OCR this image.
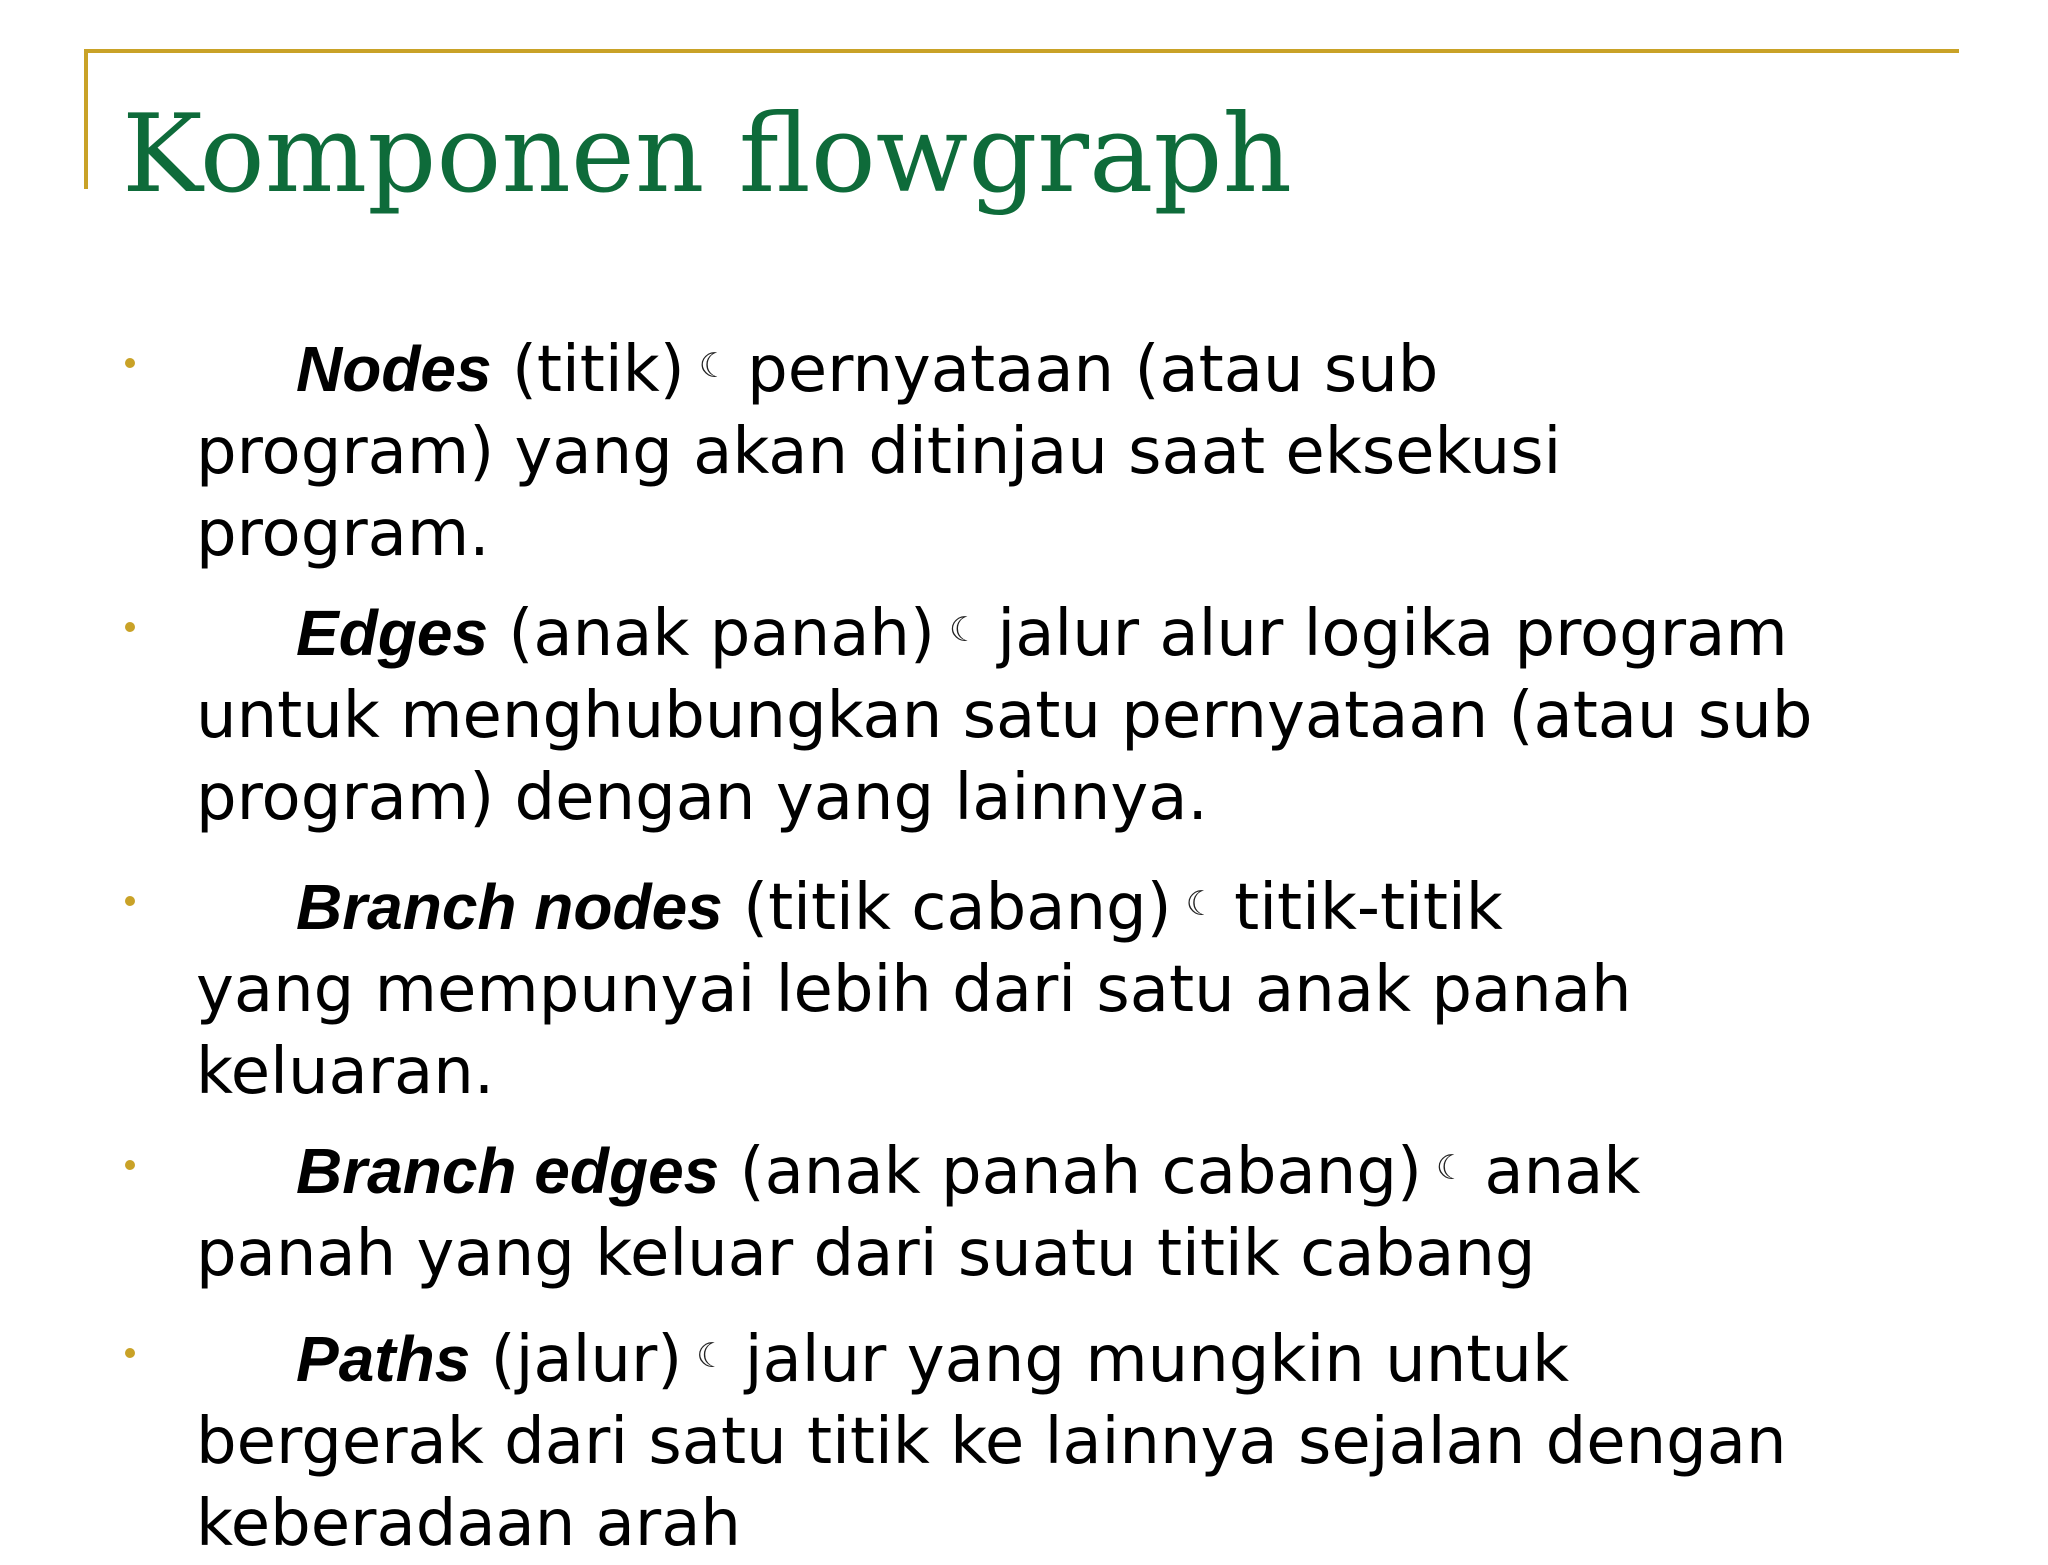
Komponen flowgraph

Nodes (titik) ☾ pernyataan (atau sub
program) yang akan ditinjau saat eksekusi
program.

Edges (anak panah) ☾ jalur alur logika program
untuk menghubungkan satu pernyataan (atau sub
program) dengan yang lainnya.

Branch nodes (titik cabang) ☾ titik-titik
yang mempunyai lebih dari satu anak panah
keluaran.

Branch edges (anak panah cabang) ☾ anak
panah yang keluar dari suatu titik cabang

Paths (jalur) ☾ jalur yang mungkin untuk
bergerak dari satu titik ke lainnya sejalan dengan
keberadaan arah
